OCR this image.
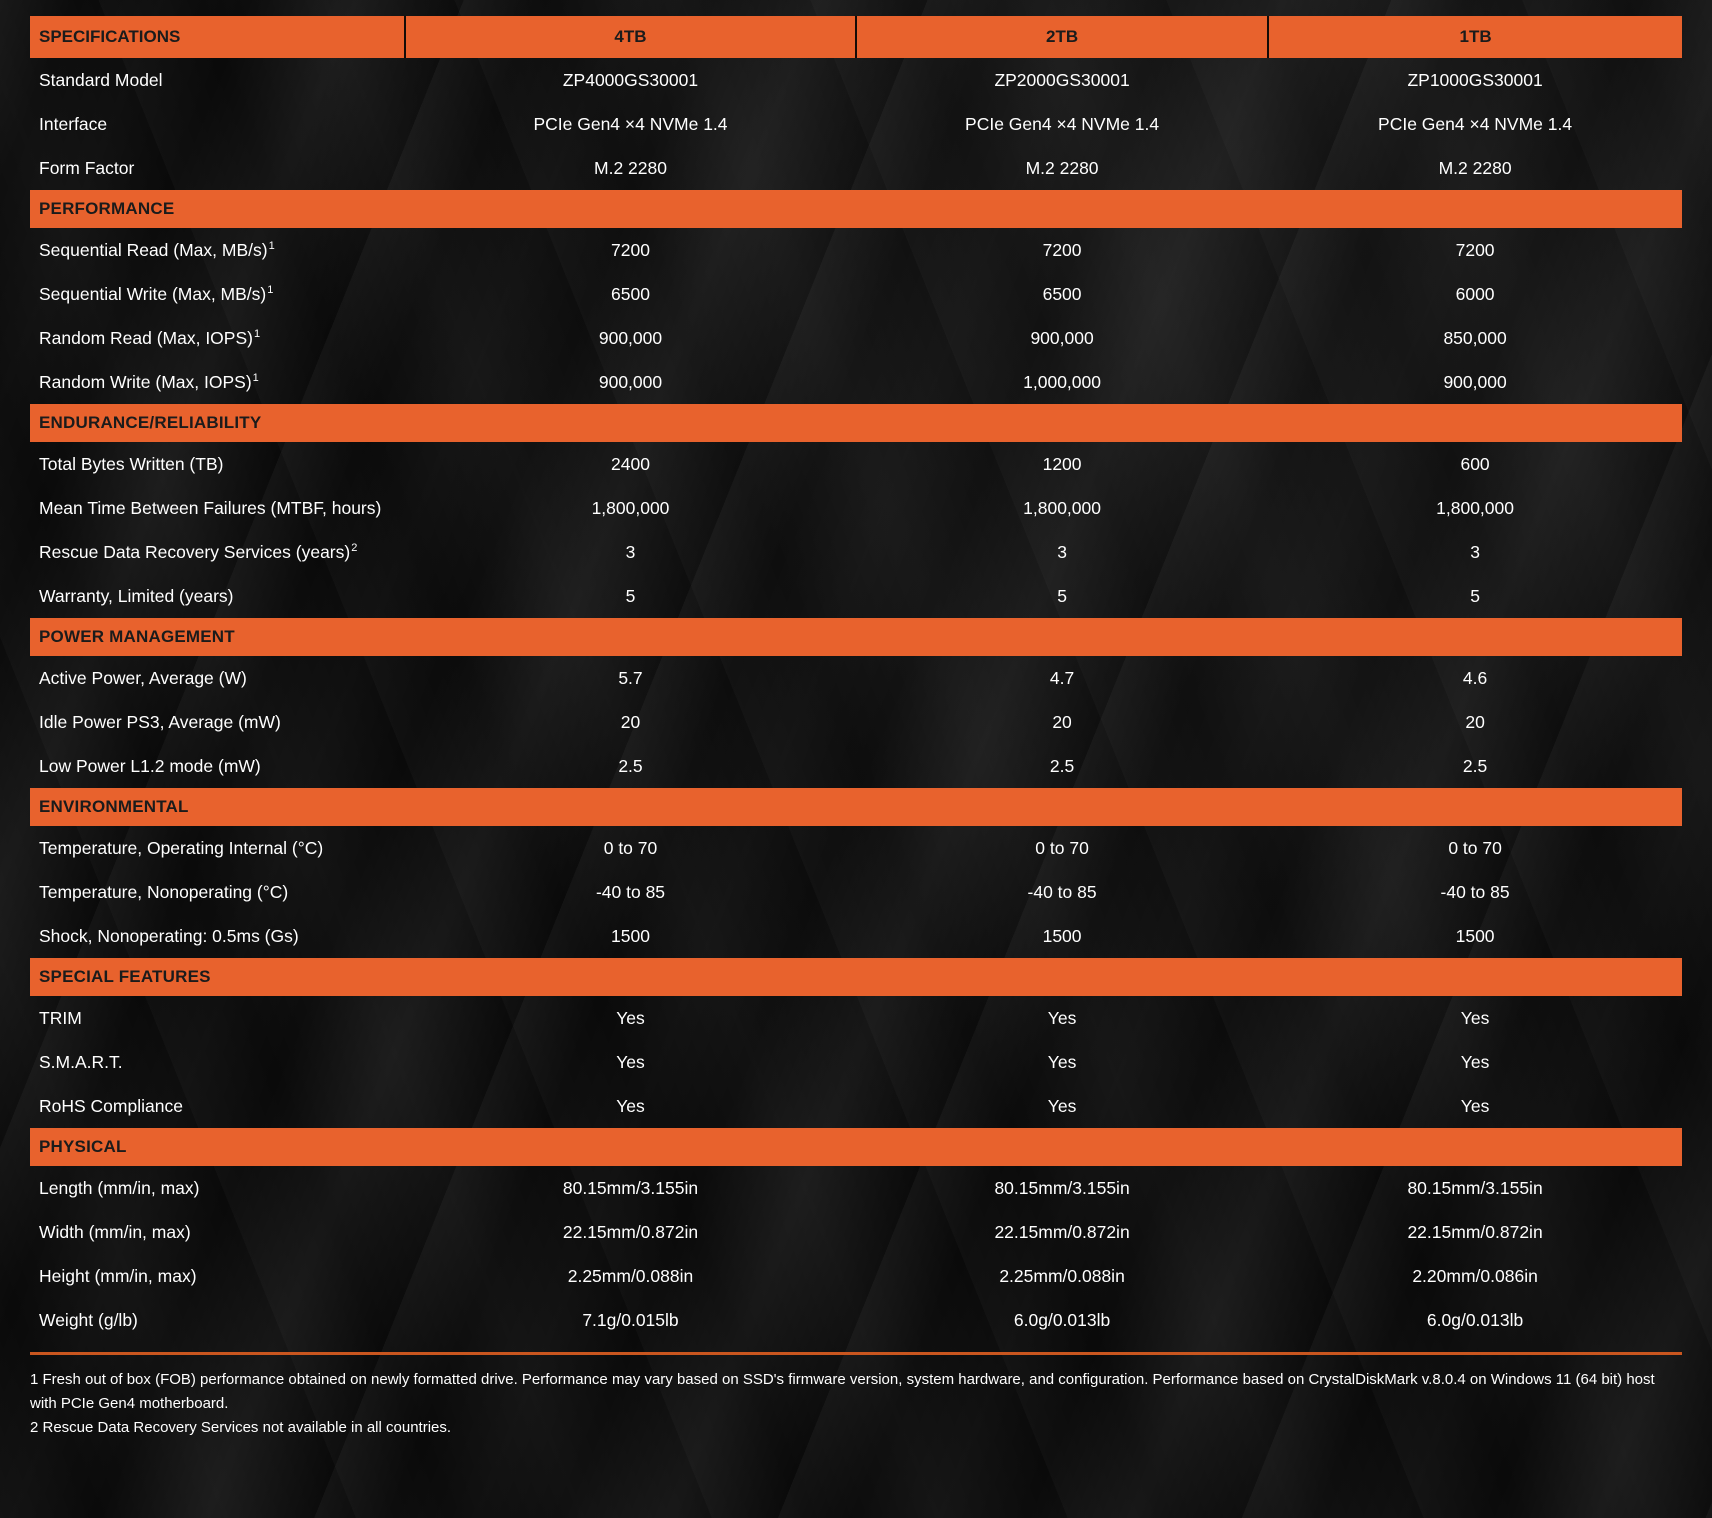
SPECIFICATIONS	4TB	2TB	1TB
Standard Model	ZP4000GS30001	ZP2000GS30001	ZP1000GS30001
Interface	PCIe Gen4 ×4 NVMe 1.4	PCIe Gen4 ×4 NVMe 1.4	PCIe Gen4 ×4 NVMe 1.4
Form Factor	M.2 2280	M.2 2280	M.2 2280
PERFORMANCE			
Sequential Read (Max, MB/s)$^1$	7200	7200	7200
Sequential Write (Max, MB/s)$^1$	6500	6500	6000
Random Read (Max, IOPS)$^1$	900,000	900,000	850,000
Random Write (Max, IOPS)$^1$	900,000	1,000,000	900,000
ENDURANCE/RELIABILITY			
Total Bytes Written (TB)	2400	1200	600
Mean Time Between Failures (MTBF, hours)	1,800,000	1,800,000	1,800,000
Rescue Data Recovery Services (years)$^2$	3	3	3
Warranty, Limited (years)	5	5	5
POWER MANAGEMENT			
Active Power, Average (W)	5.7	4.7	4.6
Idle Power PS3, Average (mW)	20	20	20
Low Power L1.2 mode (mW)	2.5	2.5	2.5
ENVIRONMENTAL			
Temperature, Operating Internal (°C)	0 to 70	0 to 70	0 to 70
Temperature, Nonoperating (°C)	-40 to 85	-40 to 85	-40 to 85
Shock, Nonoperating: 0.5ms (Gs)	1500	1500	1500
SPECIAL FEATURES			
TRIM	Yes	Yes	Yes
S.M.A.R.T.	Yes	Yes	Yes
RoHS Compliance	Yes	Yes	Yes
PHYSICAL			
Length (mm/in, max)	80.15mm/3.155in	80.15mm/3.155in	80.15mm/3.155in
Width (mm/in, max)	22.15mm/0.872in	22.15mm/0.872in	22.15mm/0.872in
Height (mm/in, max)	2.25mm/0.088in	2.25mm/0.088in	2.20mm/0.086in
Weight (g/lb)	7.1g/0.015lb	6.0g/0.013lb	6.0g/0.013lb

1 Fresh out of box (FOB) performance obtained on newly formatted drive. Performance may vary based on SSD's firmware version, system hardware, and configuration. Performance based on CrystalDiskMark v.8.0.4 on Windows 11 (64 bit) host with PCIe Gen4 motherboard.

2 Rescue Data Recovery Services not available in all countries.
